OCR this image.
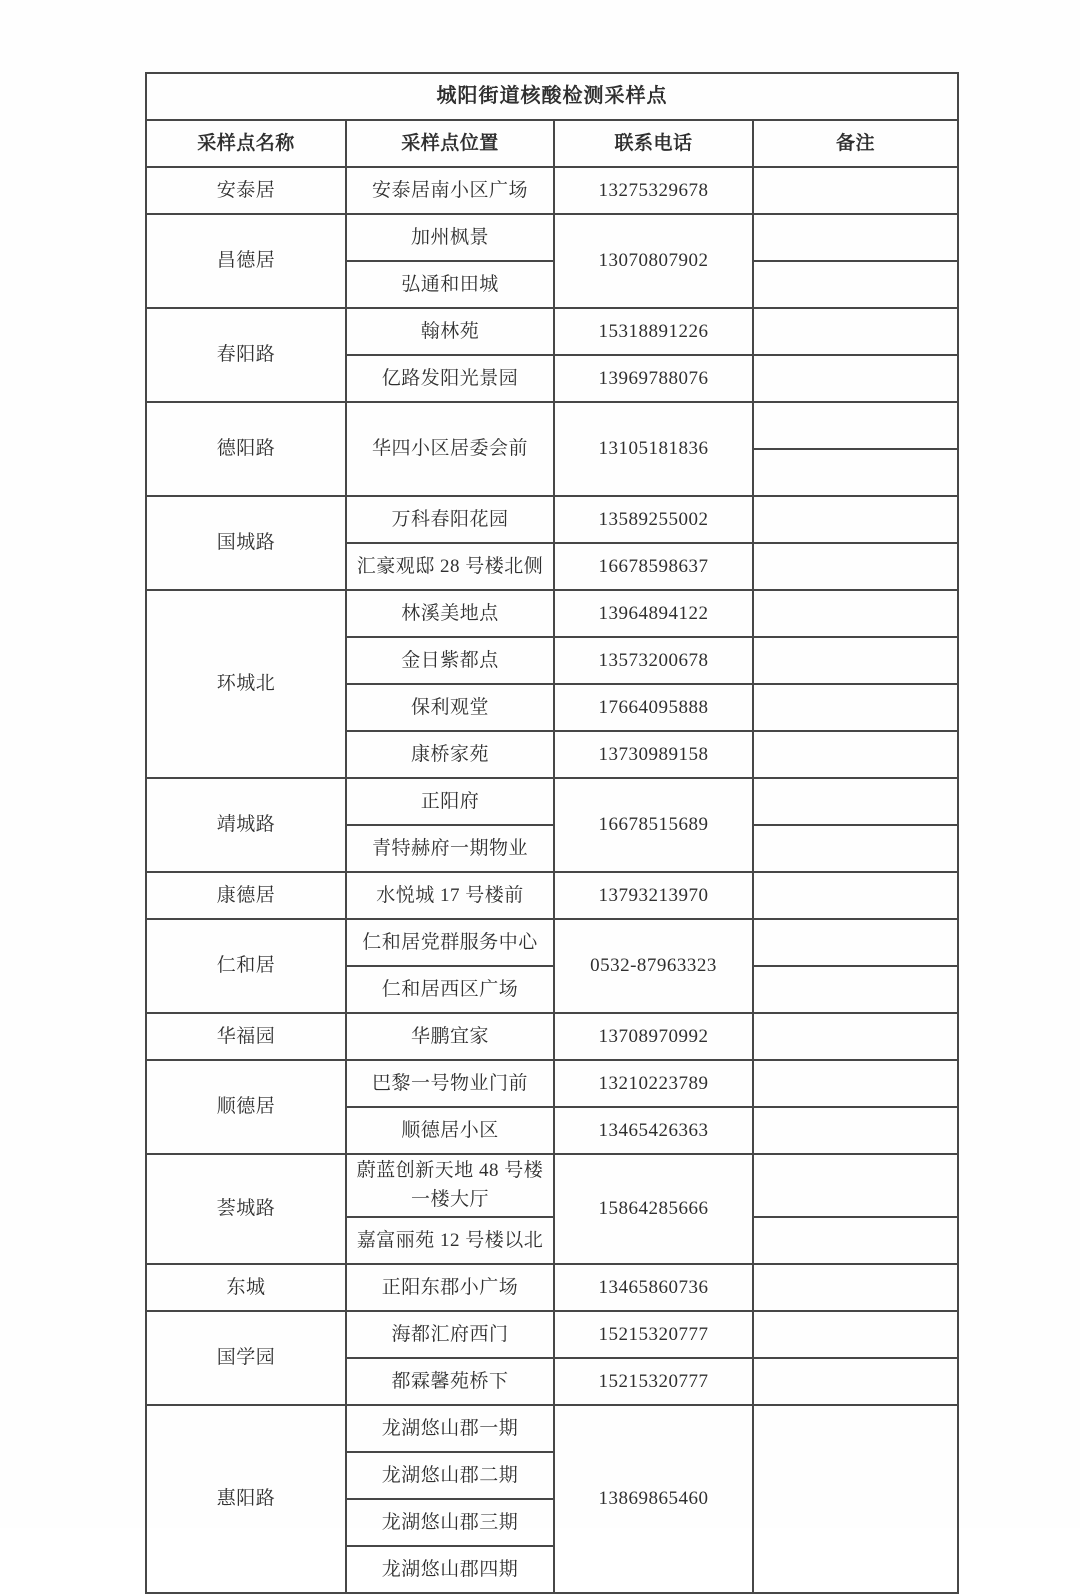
城阳街道核酸检测采样点			
采样点名称	采样点位置	联系电话	备注
安泰居	安泰居南小区广场	13275329678	
昌德居	加州枫景	13070807902	
	弘通和田城		
春阳路	翰林苑	15318891226	
	亿路发阳光景园	13969788076	
德阳路	华四小区居委会前	13105181836	

国城路	万科春阳花园	13589255002	
	汇豪观邸 28 号楼北侧	16678598637	
环城北	林溪美地点	13964894122	
	金日紫都点	13573200678	
	保利观堂	17664095888	
	康桥家苑	13730989158	
靖城路	正阳府	16678515689	
	青特赫府一期物业		
康德居	水悦城 17 号楼前	13793213970	
仁和居	仁和居党群服务中心	0532-87963323	
	仁和居西区广场		
华福园	华鹏宜家	13708970992	
顺德居	巴黎一号物业门前	13210223789	
	顺德居小区	13465426363	
荟城路	蔚蓝创新天地 48 号楼一楼大厅	15864285666	
	嘉富丽苑 12 号楼以北		
东城	正阳东郡小广场	13465860736	
国学园	海都汇府西门	15215320777	
	都霖馨苑桥下	15215320777	
惠阳路	龙湖悠山郡一期	13869865460	
	龙湖悠山郡二期		
	龙湖悠山郡三期		
	龙湖悠山郡四期		
